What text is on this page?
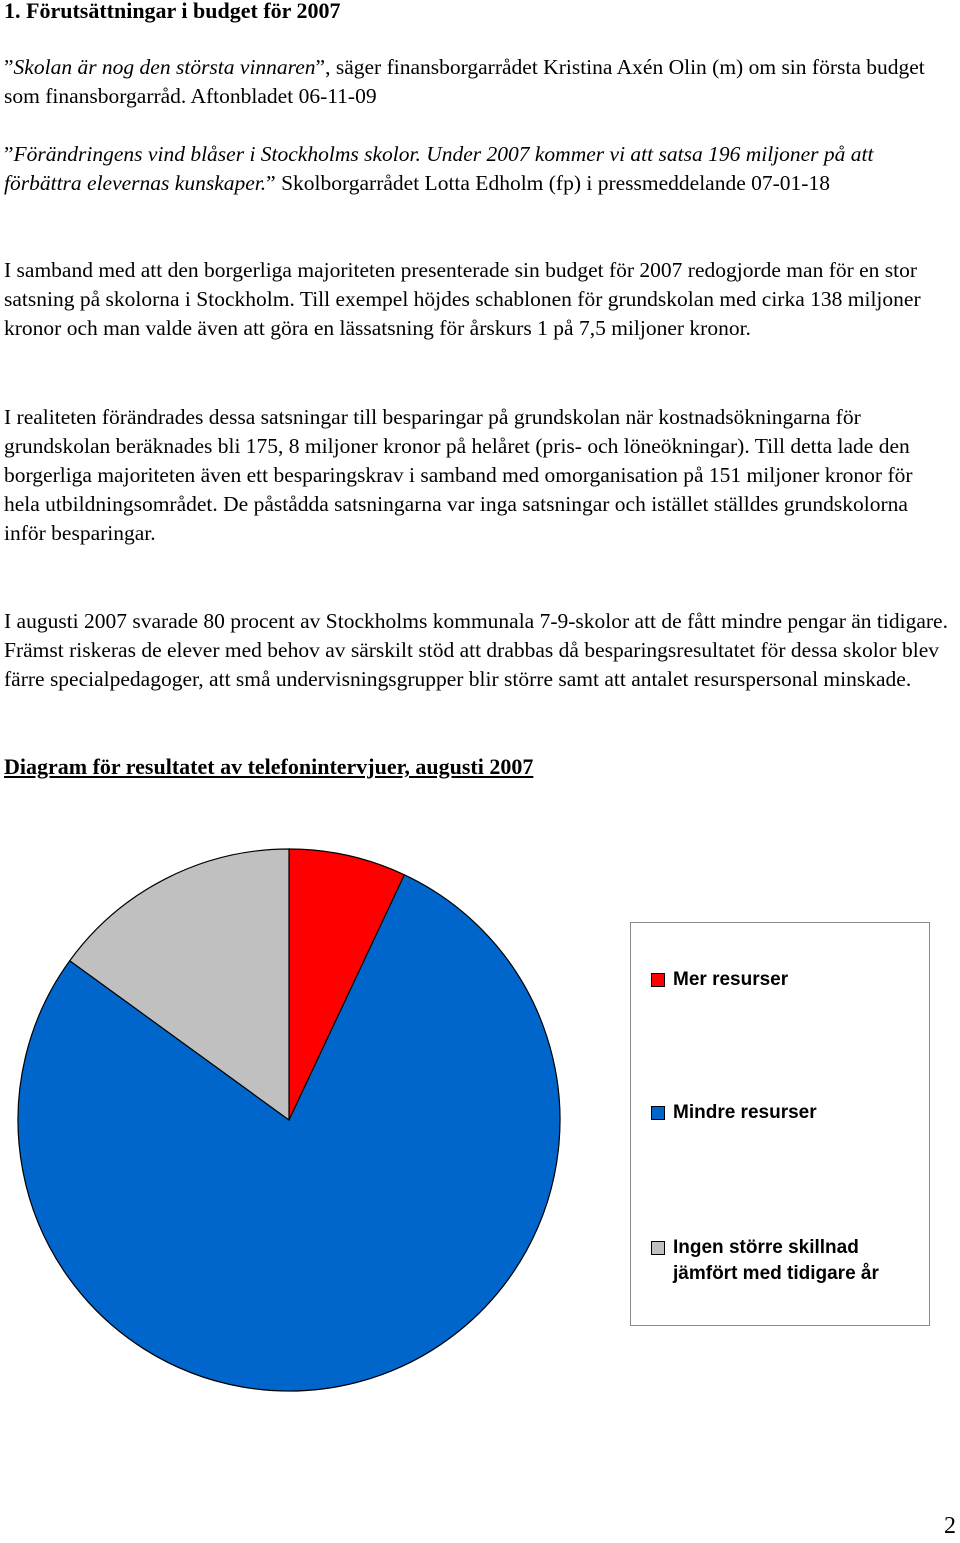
1. Förutsättningar i budget för 2007

”Skolan är nog den största vinnaren”, säger finansborgarrådet Kristina Axén Olin (m) om sin första budget som finansborgarråd. Aftonbladet 06-11-09

”Förändringens vind blåser i Stockholms skolor. Under 2007 kommer vi att satsa 196 miljoner på att förbättra elevernas kunskaper.” Skolborgarrådet Lotta Edholm (fp) i pressmeddelande 07-01-18

I samband med att den borgerliga majoriteten presenterade sin budget för 2007 redogjorde man för en stor satsning på skolorna i Stockholm. Till exempel höjdes schablonen för grundskolan med cirka 138 miljoner kronor och man valde även att göra en lässatsning för årskurs 1 på 7,5 miljoner kronor.

I realiteten förändrades dessa satsningar till besparingar på grundskolan när kostnadsökningarna för grundskolan beräknades bli 175, 8 miljoner kronor på helåret (pris- och löneökningar). Till detta lade den borgerliga majoriteten även ett besparingskrav i samband med omorganisation på 151 miljoner kronor för hela utbildningsområdet. De påstådda satsningarna var inga satsningar och istället ställdes grundskolorna inför besparingar.

I augusti 2007 svarade 80 procent av Stockholms kommunala 7-9-skolor att de fått mindre pengar än tidigare. Främst riskeras de elever med behov av särskilt stöd att drabbas då besparingsresultatet för dessa skolor blev färre specialpedagoger, att små undervisningsgrupper blir större samt att antalet resurspersonal minskade.

Diagram för resultatet av telefonintervjuer, augusti 2007
Mer resurser
Mindre resurser
Ingen större skillnad jämfört med tidigare år
2
